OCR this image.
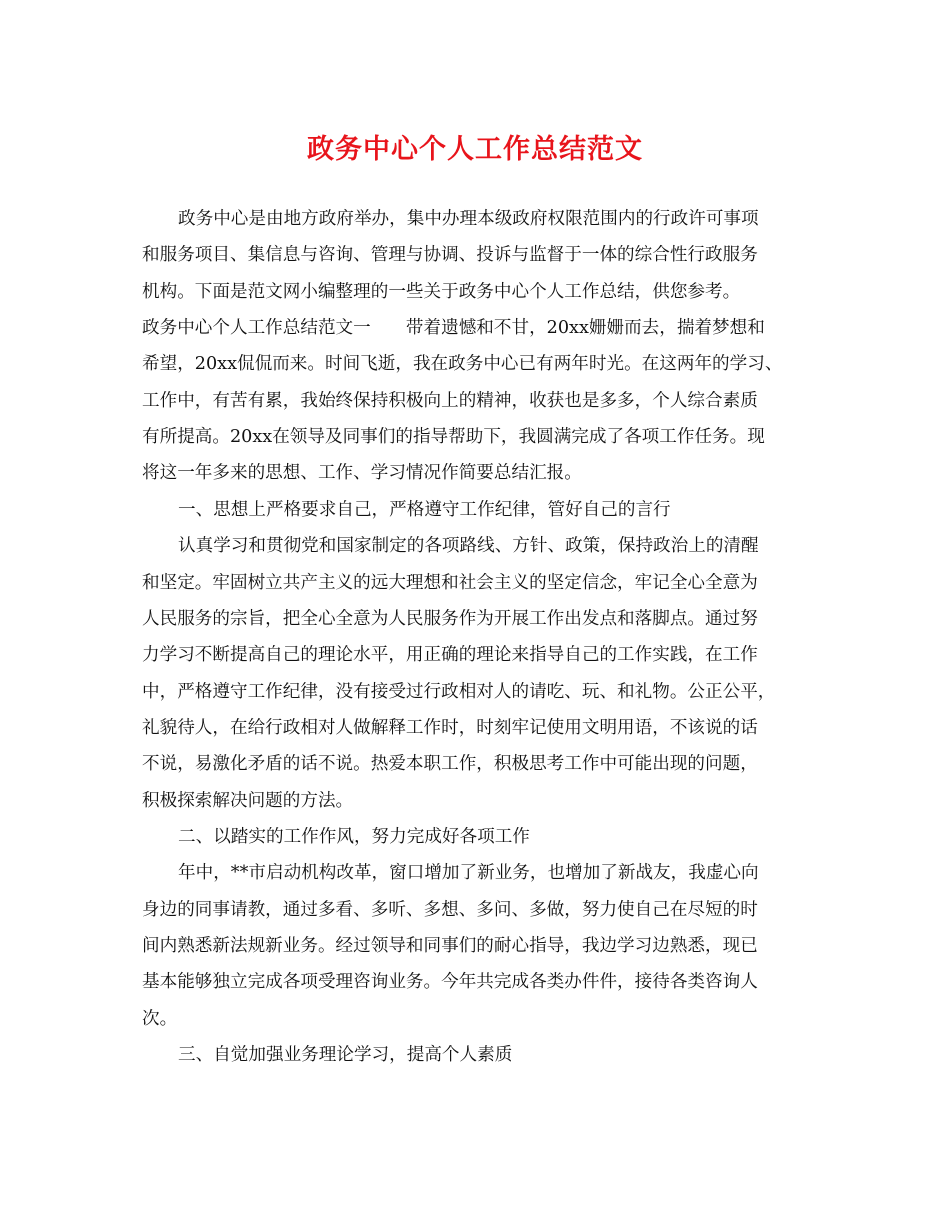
政务中心个人工作总结范文
政务中心是由地方政府举办，集中办理本级政府权限范围内的行政许可事项
和服务项目、集信息与咨询、管理与协调、投诉与监督于一体的综合性行政服务
机构。下面是范文网小编整理的一些关于政务中心个人工作总结，供您参考。
政务中心个人工作总结范文一　　带着遗憾和不甘，20xx姗姗而去，揣着梦想和
希望，20xx侃侃而来。时间飞逝，我在政务中心已有两年时光。在这两年的学习、
工作中，有苦有累，我始终保持积极向上的精神，收获也是多多，个人综合素质
有所提高。20xx在领导及同事们的指导帮助下，我圆满完成了各项工作任务。现
将这一年多来的思想、工作、学习情况作简要总结汇报。
一、思想上严格要求自己，严格遵守工作纪律，管好自己的言行
认真学习和贯彻党和国家制定的各项路线、方针、政策，保持政治上的清醒
和坚定。牢固树立共产主义的远大理想和社会主义的坚定信念，牢记全心全意为
人民服务的宗旨，把全心全意为人民服务作为开展工作出发点和落脚点。通过努
力学习不断提高自己的理论水平，用正确的理论来指导自己的工作实践，在工作
中，严格遵守工作纪律，没有接受过行政相对人的请吃、玩、和礼物。公正公平，
礼貌待人，在给行政相对人做解释工作时，时刻牢记使用文明用语，不该说的话
不说，易激化矛盾的话不说。热爱本职工作，积极思考工作中可能出现的问题，
积极探索解决问题的方法。
二、以踏实的工作作风，努力完成好各项工作
年中，**市启动机构改革，窗口增加了新业务，也增加了新战友，我虚心向
身边的同事请教，通过多看、多听、多想、多问、多做，努力使自己在尽短的时
间内熟悉新法规新业务。经过领导和同事们的耐心指导，我边学习边熟悉，现已
基本能够独立完成各项受理咨询业务。今年共完成各类办件件，接待各类咨询人
次。
三、自觉加强业务理论学习，提高个人素质
